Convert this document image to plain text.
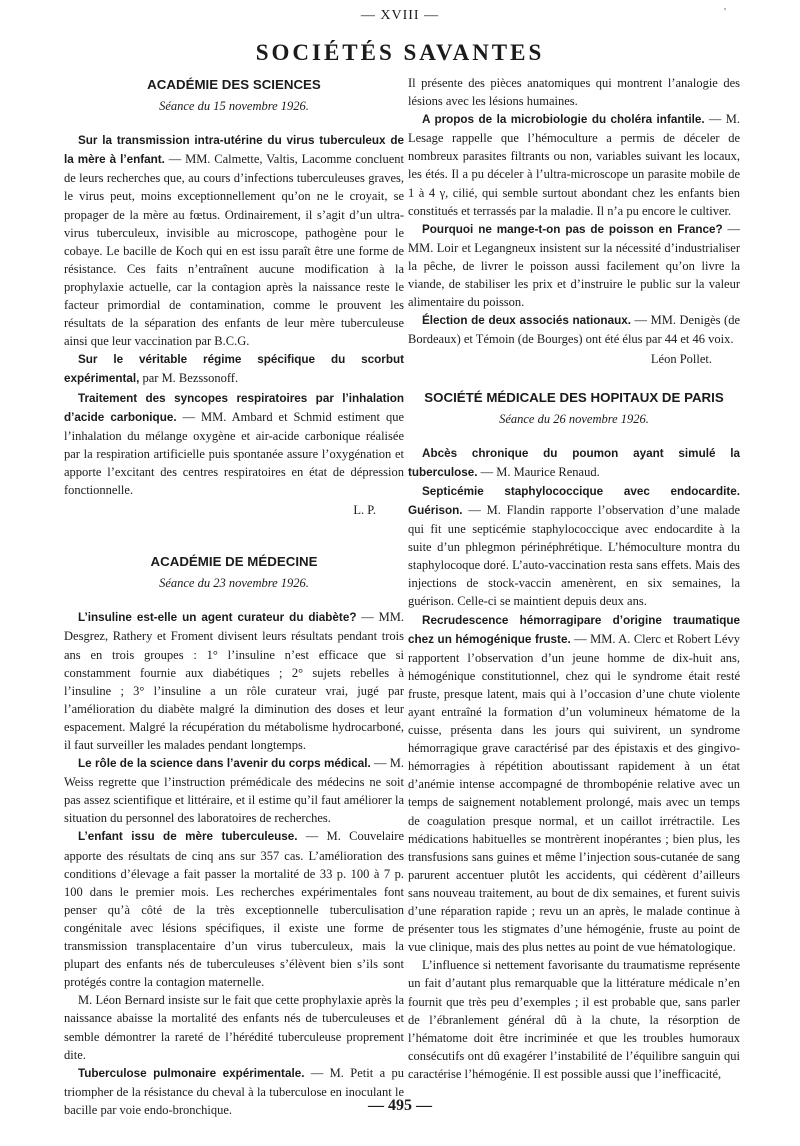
— XVIII —	'
SOCIÉTÉS SAVANTES
ACADÉMIE DES SCIENCES
Séance du 15 novembre 1926.

Sur la transmission intra-utérine du virus tuberculeux de la mère à l’enfant. — MM. Calmette, Valtis, Lacomme concluent de leurs recherches que, au cours d’infections tuberculeuses graves, le virus peut, moins exceptionnellement qu’on ne le croyait, se propager de la mère au fœtus. Ordinairement, il s’agit d’un ultra-virus tuberculeux, invisible au microscope, pathogène pour le cobaye. Le bacille de Koch qui en est issu paraît être une forme de résistance. Ces faits n’entraînent aucune modification à la prophylaxie actuelle, car la contagion après la naissance reste le facteur primordial de contamination, comme le prouvent les résultats de la séparation des enfants de leur mère tuberculeuse ainsi que leur vaccination par B.C.G.

Sur le véritable régime spécifique du scorbut expérimental, par M. Bezssonoff.

Traitement des syncopes respiratoires par l’inhalation d’acide carbonique. — MM. Ambard et Schmid estiment que l’inhalation du mélange oxygène et air-acide carbonique réalisée par la respiration artificielle puis spontanée assure l’oxygénation et apporte l’excitant des centres respiratoires en état de dépression fonctionnelle.

L. P.
ACADÉMIE DE MÉDECINE
Séance du 23 novembre 1926.

L’insuline est-elle un agent curateur du diabète? — MM. Desgrez, Rathery et Froment divisent leurs résultats pendant trois ans en trois groupes : 1° l’insuline n’est efficace que si constamment fournie aux diabétiques ; 2° sujets rebelles à l’insuline ; 3° l’insuline a un rôle curateur vrai, jugé par l’amélioration du diabète malgré la diminution des doses et leur espacement. Malgré la récupération du métabolisme hydrocarboné, il faut surveiller les malades pendant longtemps.

Le rôle de la science dans l’avenir du corps médical. — M. Weiss regrette que l’instruction prémédicale des médecins ne soit pas assez scientifique et littéraire, et il estime qu’il faut améliorer la situation du personnel des laboratoires de recherches.

L’enfant issu de mère tuberculeuse. — M. Couvelaire apporte des résultats de cinq ans sur 357 cas. L’amélioration des conditions d’élevage a fait passer la mortalité de 33 p. 100 à 7 p. 100 dans le premier mois. Les recherches expérimentales font penser qu’à côté de la très exceptionnelle tuberculisation congénitale avec lésions spécifiques, il existe une forme de transmission transplacentaire d’un virus tuberculeux, mais la plupart des enfants nés de tuberculeuses s’élèvent bien s’ils sont protégés contre la contagion maternelle.

M. Léon Bernard insiste sur le fait que cette prophylaxie après la naissance abaisse la mortalité des enfants nés de tuberculeuses et semble démontrer la rareté de l’hérédité tuberculeuse proprement dite.

Tuberculose pulmonaire expérimentale. — M. Petit a pu triompher de la résistance du cheval à la tuberculose en inoculant le bacille par voie endo-bronchique.

Il présente des pièces anatomiques qui montrent l’analogie des lésions avec les lésions humaines.

A propos de la microbiologie du choléra infantile. — M. Lesage rappelle que l’hémoculture a permis de déceler de nombreux parasites filtrants ou non, variables suivant les locaux, les étés. Il a pu déceler à l’ultra-microscope un parasite mobile de 1 à 4 γ, cilié, qui semble surtout abondant chez les enfants bien constitués et terrassés par la maladie. Il n’a pu encore le cultiver.

Pourquoi ne mange-t-on pas de poisson en France? — MM. Loir et Legangneux insistent sur la nécessité d’industrialiser la pêche, de livrer le poisson aussi facilement qu’on livre la viande, de stabiliser les prix et d’instruire le public sur la valeur alimentaire du poisson.

Élection de deux associés nationaux. — MM. Denigès (de Bordeaux) et Témoin (de Bourges) ont été élus par 44 et 46 voix.

Léon Pollet.
SOCIÉTÉ MÉDICALE DES HOPITAUX DE PARIS
Séance du 26 novembre 1926.

Abcès chronique du poumon ayant simulé la tuberculose. — M. Maurice Renaud.

Septicémie staphylococcique avec endocardite. Guérison. — M. Flandin rapporte l’observation d’une malade qui fit une septicémie staphylococcique avec endocardite à la suite d’un phlegmon périnéphrétique. L’hémoculture montra du staphylocoque doré. L’auto-vaccination resta sans effets. Mais des injections de stock-vaccin amenèrent, en six semaines, la guérison. Celle-ci se maintient depuis deux ans.

Recrudescence hémorragipare d’origine traumatique chez un hémogénique fruste. — MM. A. Clerc et Robert Lévy rapportent l’observation d’un jeune homme de dix-huit ans, hémogénique constitutionnel, chez qui le syndrome était resté fruste, presque latent, mais qui à l’occasion d’une chute violente ayant entraîné la formation d’un volumineux hématome de la cuisse, présenta dans les jours qui suivirent, un syndrome hémorragique grave caractérisé par des épistaxis et des gingivo-hémorragies à répétition aboutissant rapidement à un état d’anémie intense accompagné de thrombopénie relative avec un temps de saignement notablement prolongé, mais avec un temps de coagulation presque normal, et un caillot irrétractile. Les médications habituelles se montrèrent inopérantes ; bien plus, les transfusions sans guines et même l’injection sous-cutanée de sang parurent accentuer plutôt les accidents, qui cédèrent d’ailleurs sans nouveau traitement, au bout de dix semaines, et furent suivis d’une réparation rapide ; revu un an après, le malade continue à présenter tous les stigmates d’une hémogénie, fruste au point de vue clinique, mais des plus nettes au point de vue hématologique.

L’influence si nettement favorisante du traumatisme représente un fait d’autant plus remarquable que la littérature médicale n’en fournit que très peu d’exemples ; il est probable que, sans parler de l’ébranlement général dû à la chute, la résorption de l’hématome doit être incriminée et que les troubles humoraux consécutifs ont dû exagérer l’instabilité de l’équilibre sanguin qui caractérise l’hémogénie. Il est possible aussi que l’inefficacité,

— 495 —
